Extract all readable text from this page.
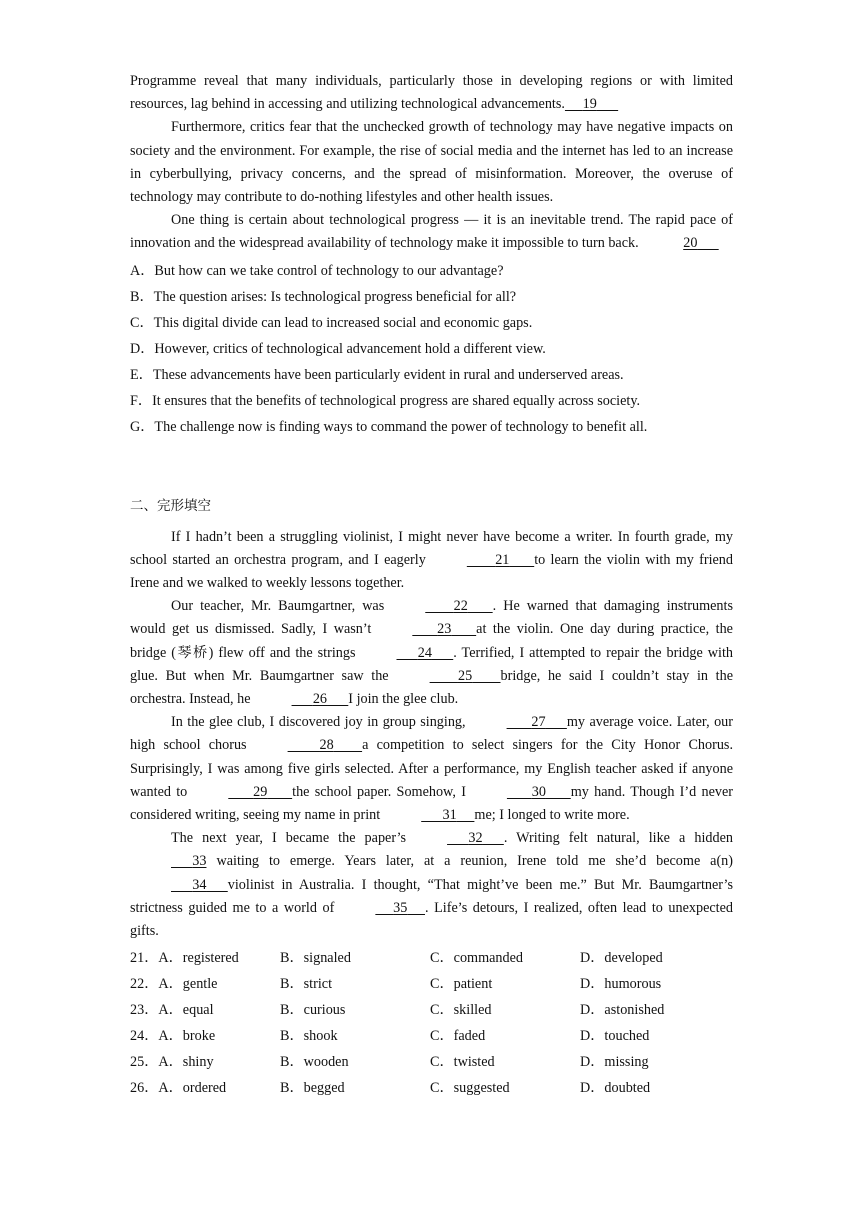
Programme reveal that many individuals, particularly those in developing regions or with limited resources, lag behind in accessing and utilizing technological advancements. 19

Furthermore, critics fear that the unchecked growth of technology may have negative impacts on society and the environment. For example, the rise of social media and the internet has led to an increase in cyberbullying, privacy concerns, and the spread of misinformation. Moreover, the overuse of technology may contribute to do-nothing lifestyles and other health issues.

One thing is certain about technological progress — it is an inevitable trend. The rapid pace of innovation and the widespread availability of technology make it impossible to turn back.	20

A．But how can we take control of technology to our advantage?
B．The question arises: Is technological progress beneficial for all?
C．This digital divide can lead to increased social and economic gaps.
D．However, critics of technological advancement hold a different view.
E．These advancements have been particularly evident in rural and underserved areas.
F．It ensures that the benefits of technological progress are shared equally across society.
G．The challenge now is finding ways to command the power of technology to benefit all.
二、完形填空

If I hadn’t been a struggling violinist, I might never have become a writer. In fourth grade, my school started an orchestra program, and I eagerly	21 to learn the violin with my friend Irene and we walked to weekly lessons together.

Our teacher, Mr. Baumgartner, was	22 . He warned that damaging instruments would get us dismissed. Sadly, I wasn’t	23 at the violin. One day during practice, the bridge (琴桥) flew off and the strings	24 . Terrified, I attempted to repair the bridge with glue. But when Mr. Baumgartner saw the	25 bridge, he said I couldn’t stay in the orchestra. Instead, he	26 I join the glee club.

In the glee club, I discovered joy in group singing,	27 my average voice. Later, our high school chorus	28 a competition to select singers for the City Honor Chorus. Surprisingly, I was among five girls selected. After a performance, my English teacher asked if anyone wanted to	29 the school paper. Somehow, I	30 my hand. Though I’d never considered writing, seeing my name in print	31 me; I longed to write more.

The next year, I became the paper’s	32 . Writing felt natural, like a hidden      33 waiting to emerge. Years later, at a reunion, Irene told me she’d become a(n)      34 violinist in Australia. I thought, “That might’ve been me.” But Mr. Baumgartner’s strictness guided me to a world of	35 . Life’s detours, I realized, often lead to unexpected gifts.

21．A．registered	B．signaled	C．commanded	D．developed
22．A．gentle	B．strict	C．patient	D．humorous
23．A．equal	B．curious	C．skilled	D．astonished
24．A．broke	B．shook	C．faded	D．touched
25．A．shiny	B．wooden	C．twisted	D．missing
26．A．ordered	B．begged	C．suggested	D．doubted
